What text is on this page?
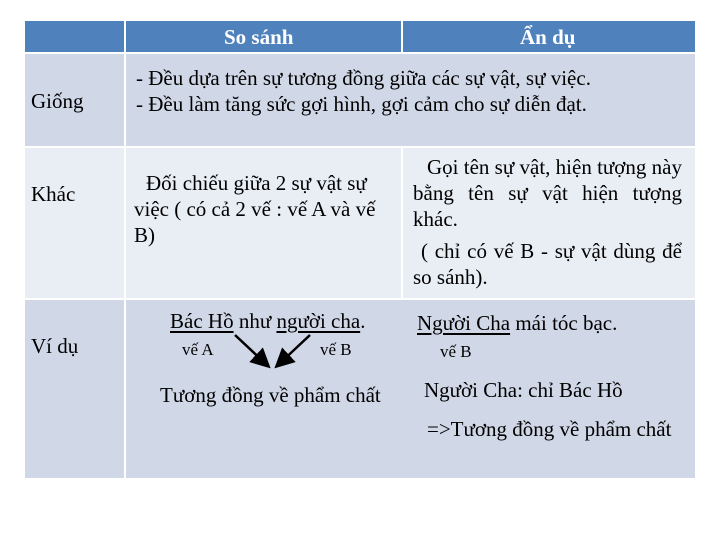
So sánh	Ẩn dụ
Giống
Khác
Ví dụ
- Đều dựa trên sự tương đồng giữa các sự vật, sự việc.
- Đều làm tăng sức gợi hình, gợi cảm cho sự diễn đạt.
Đối chiếu giữa 2 sự vật sự việc ( có cả 2 vế : vế A và vế B)
Gọi tên sự vật, hiện tượng này bằng tên sự vật hiện tượng khác.
( chỉ có vế B - sự vật dùng để so sánh).
Bác Hồ như người cha.
vế A	vế B
Tương đồng về phẩm chất
Người Cha mái tóc bạc.
vế B
Người Cha: chỉ Bác Hồ
=>Tương đồng về phẩm chất
